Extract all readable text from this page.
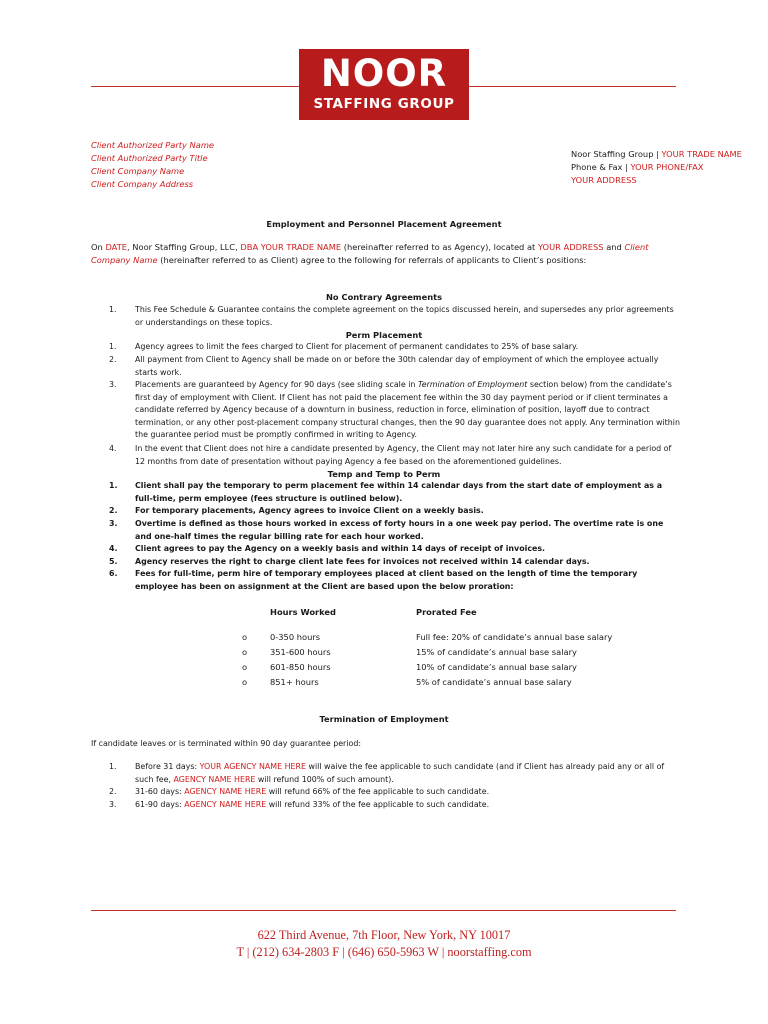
NOOR
STAFFING GROUP
Client Authorized Party Name
Client Authorized Party Title
Client Company Name
Client Company Address
Noor Staffing Group | YOUR TRADE NAME
Phone & Fax | YOUR PHONE/FAX
YOUR ADDRESS
Employment and Personnel Placement Agreement
On DATE, Noor Staffing Group, LLC, DBA YOUR TRADE NAME (hereinafter referred to as Agency), located at YOUR ADDRESS and Client Company Name (hereinafter referred to as Client) agree to the following for referrals of applicants to Client’s positions:
No Contrary Agreements
1. This Fee Schedule & Guarantee contains the complete agreement on the topics discussed herein, and supersedes any prior agreements or understandings on these topics.
Perm Placement
1. Agency agrees to limit the fees charged to Client for placement of permanent candidates to 25% of base salary.
2. All payment from Client to Agency shall be made on or before the 30th calendar day of employment of which the employee actually starts work.
3. Placements are guaranteed by Agency for 90 days (see sliding scale in Termination of Employment section below) from the candidate’s first day of employment with Client. If Client has not paid the placement fee within the 30 day payment period or if client terminates a candidate referred by Agency because of a downturn in business, reduction in force, elimination of position, layoff due to contract termination, or any other post-placement company structural changes, then the 90 day guarantee does not apply. Any termination within the guarantee period must be promptly confirmed in writing to Agency.
4. In the event that Client does not hire a candidate presented by Agency, the Client may not later hire any such candidate for a period of 12 months from date of presentation without paying Agency a fee based on the aforementioned guidelines.
Temp and Temp to Perm
1. Client shall pay the temporary to perm placement fee within 14 calendar days from the start date of employment as a full-time, perm employee (fees structure is outlined below).
2. For temporary placements, Agency agrees to invoice Client on a weekly basis.
3. Overtime is defined as those hours worked in excess of forty hours in a one week pay period. The overtime rate is one and one-half times the regular billing rate for each hour worked.
4. Client agrees to pay the Agency on a weekly basis and within 14 days of receipt of invoices.
5. Agency reserves the right to charge client late fees for invoices not received within 14 calendar days.
6. Fees for full-time, perm hire of temporary employees placed at client based on the length of time the temporary employee has been on assignment at the Client are based upon the below proration:
Hours Worked	Prorated Fee
o	0-350 hours	Full fee: 20% of candidate’s annual base salary
o	351-600 hours	15% of candidate’s annual base salary
o	601-850 hours	10% of candidate’s annual base salary
o	851+ hours	5% of candidate’s annual base salary
Termination of Employment
If candidate leaves or is terminated within 90 day guarantee period:
1. Before 31 days: YOUR AGENCY NAME HERE will waive the fee applicable to such candidate (and if Client has already paid any or all of such fee, AGENCY NAME HERE will refund 100% of such amount).
2. 31-60 days: AGENCY NAME HERE will refund 66% of the fee applicable to such candidate.
3. 61-90 days: AGENCY NAME HERE will refund 33% of the fee applicable to such candidate.
622 Third Avenue, 7th Floor, New York, NY 10017
T | (212) 634-2803 F | (646) 650-5963 W | noorstaffing.com
